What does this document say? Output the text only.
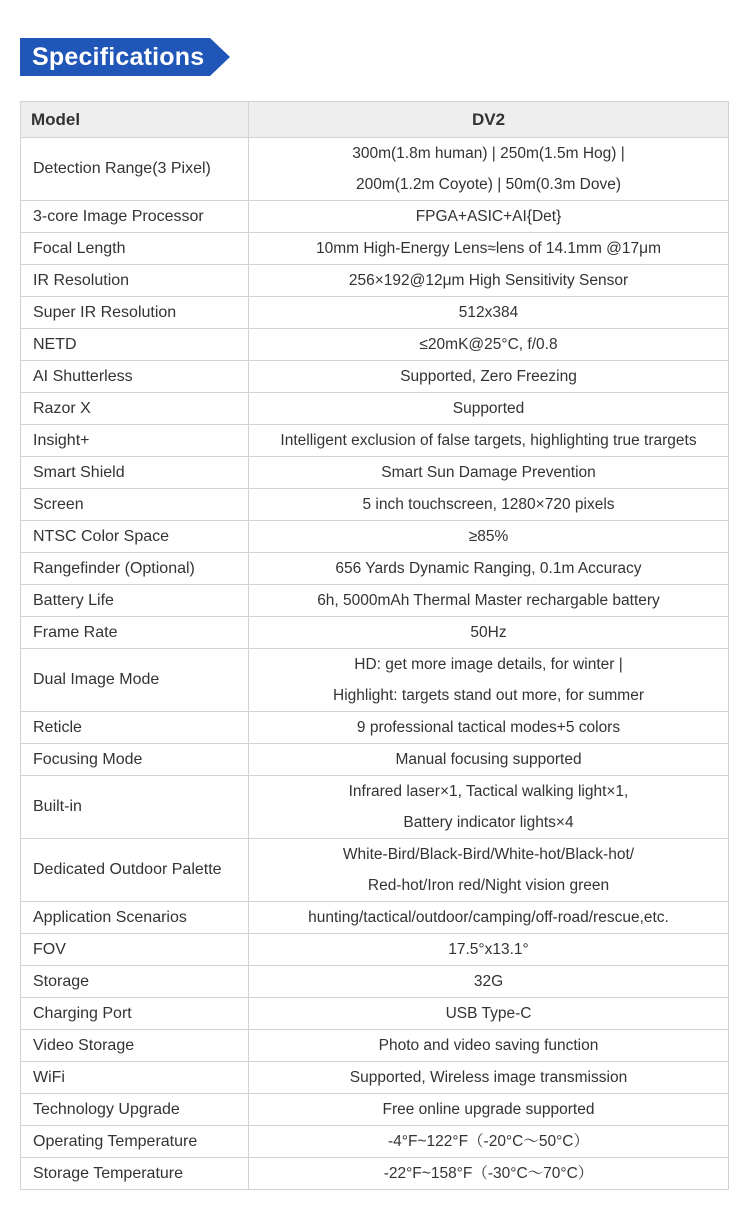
Specifications
Model	DV2
Detection Range(3 Pixel)	300m(1.8m human) | 250m(1.5m Hog) |
200m(1.2m Coyote) | 50m(0.3m Dove)

3-core Image Processor	FPGA+ASIC+AI{Det}

Focal Length	10mm High-Energy Lens≈lens of 14.1mm @17μm

IR Resolution	256×192@12μm High Sensitivity Sensor

Super IR Resolution	512x384

NETD	≤20mK@25°C, f/0.8

AI Shutterless	Supported, Zero Freezing

Razor X	Supported

Insight+	Intelligent exclusion of false targets, highlighting true trargets

Smart Shield	Smart Sun Damage Prevention

Screen	5 inch touchscreen, 1280×720 pixels

NTSC Color Space	≥85%

Rangefinder (Optional)	656 Yards Dynamic Ranging, 0.1m Accuracy

Battery Life	6h, 5000mAh Thermal Master rechargable battery

Frame Rate	50Hz

Dual Image Mode	HD: get more image details, for winter |
Highlight: targets stand out more, for summer

Reticle	9 professional tactical modes+5 colors

Focusing Mode	Manual focusing supported

Built-in	Infrared laser×1, Tactical walking light×1,
Battery indicator lights×4

Dedicated Outdoor Palette	White-Bird/Black-Bird/White-hot/Black-hot/
Red-hot/Iron red/Night vision green

Application Scenarios	hunting/tactical/outdoor/camping/off-road/rescue,etc.

FOV	17.5°x13.1°

Storage	32G

Charging Port	USB Type-C

Video Storage	Photo and video saving function

WiFi	Supported, Wireless image transmission

Technology Upgrade	Free online upgrade supported

Operating Temperature	-4°F~122°F（-20°C～50°C）

Storage Temperature	-22°F~158°F（-30°C～70°C）
